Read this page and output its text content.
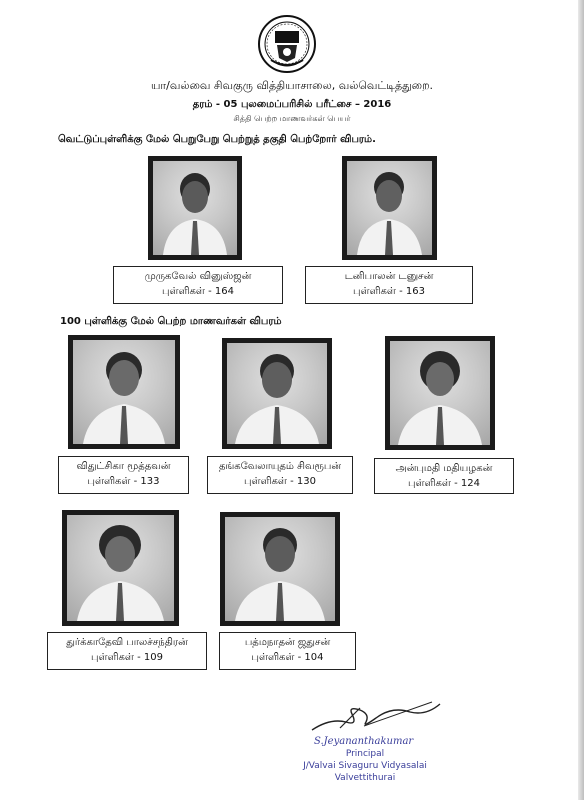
யா/வல்வை சிவகுரு வித்தியாசாலை, வல்வெட்டித்துறை.
தரம் - 05 புலமைப்பரிசில் பரீட்சை – 2016
சித்தி பெற்ற மாணவர்கள் பெயர்
வெட்டுப்புள்ளிக்கு மேல் பெறுபேறு பெற்றுத் தகுதி பெற்றோர் விபரம்.
முருகவேல் வினுஸ்ஜன்
புள்ளிகள் - 164
டனிபாலன் டனுசன்
புள்ளிகள் - 163
100 புள்ளிக்கு மேல் பெற்ற மாணவர்கள் விபரம்
விதுட்சிகா மூத்தவன்
புள்ளிகள் - 133
தங்கவேலாயுதம் சிவரூபன்
புள்ளிகள் - 130
அன்புமதி மதியழகன்
புள்ளிகள் - 124
துர்க்காதேவி பாலச்சந்திரன்
புள்ளிகள் - 109
பத்மநாதன் ஜதுசன்
புள்ளிகள் - 104
S.Jeyananthakumar
Principal
J/Valvai Sivaguru Vidyasalai
Valvettithurai
